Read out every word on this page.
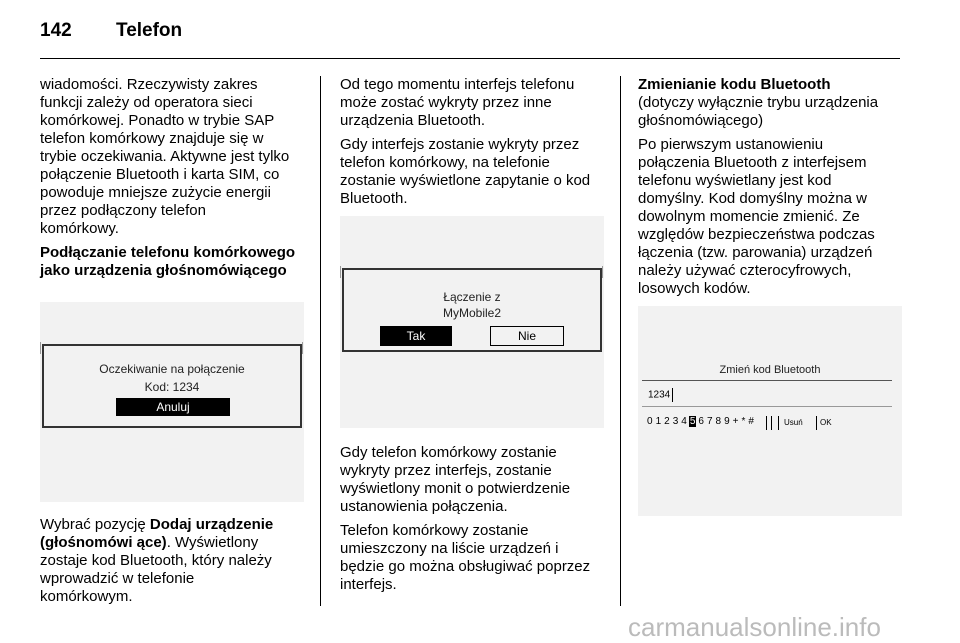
142	Telefon

wiadomości. Rzeczywisty zakres
funkcji zależy od operatora sieci
komórkowej. Ponadto w trybie SAP
telefon komórkowy znajduje się w
trybie oczekiwania. Aktywne jest tylko
połączenie Bluetooth i karta SIM, co
powoduje mniejsze zużycie energii
przez podłączony telefon
komórkowy.

Podłączanie telefonu komórkowego
jako urządzenia głośnomówiącego
Oczekiwanie na połączenie
Kod: 1234
Anuluj

Wybrać pozycję Dodaj urządzenie
(głośnomówi ące). Wyświetlony
zostaje kod Bluetooth, który należy
wprowadzić w telefonie
komórkowym.

Od tego momentu interfejs telefonu
może zostać wykryty przez inne
urządzenia Bluetooth.

Gdy interfejs zostanie wykryty przez
telefon komórkowy, na telefonie
zostanie wyświetlone zapytanie o kod
Bluetooth.

Łączenie z
MyMobile2
Tak	Nie

Gdy telefon komórkowy zostanie
wykryty przez interfejs, zostanie
wyświetlony monit o potwierdzenie
ustanowienia połączenia.

Telefon komórkowy zostanie
umieszczony na liście urządzeń i
będzie go można obsługiwać poprzez
interfejs.

Zmienianie kodu Bluetooth

(dotyczy wyłącznie trybu urządzenia
głośnomówiącego)

Po pierwszym ustanowieniu
połączenia Bluetooth z interfejsem
telefonu wyświetlany jest kod
domyślny. Kod domyślny można w
dowolnym momencie zmienić. Ze
względów bezpieczeństwa podczas
łączenia (tzw. parowania) urządzeń
należy używać czterocyfrowych,
losowych kodów.

Zmień kod Bluetooth
1234
0 1 2 3 4 5 6 7 8 9 + * #	Usuń OK
carmanualsonline.info
